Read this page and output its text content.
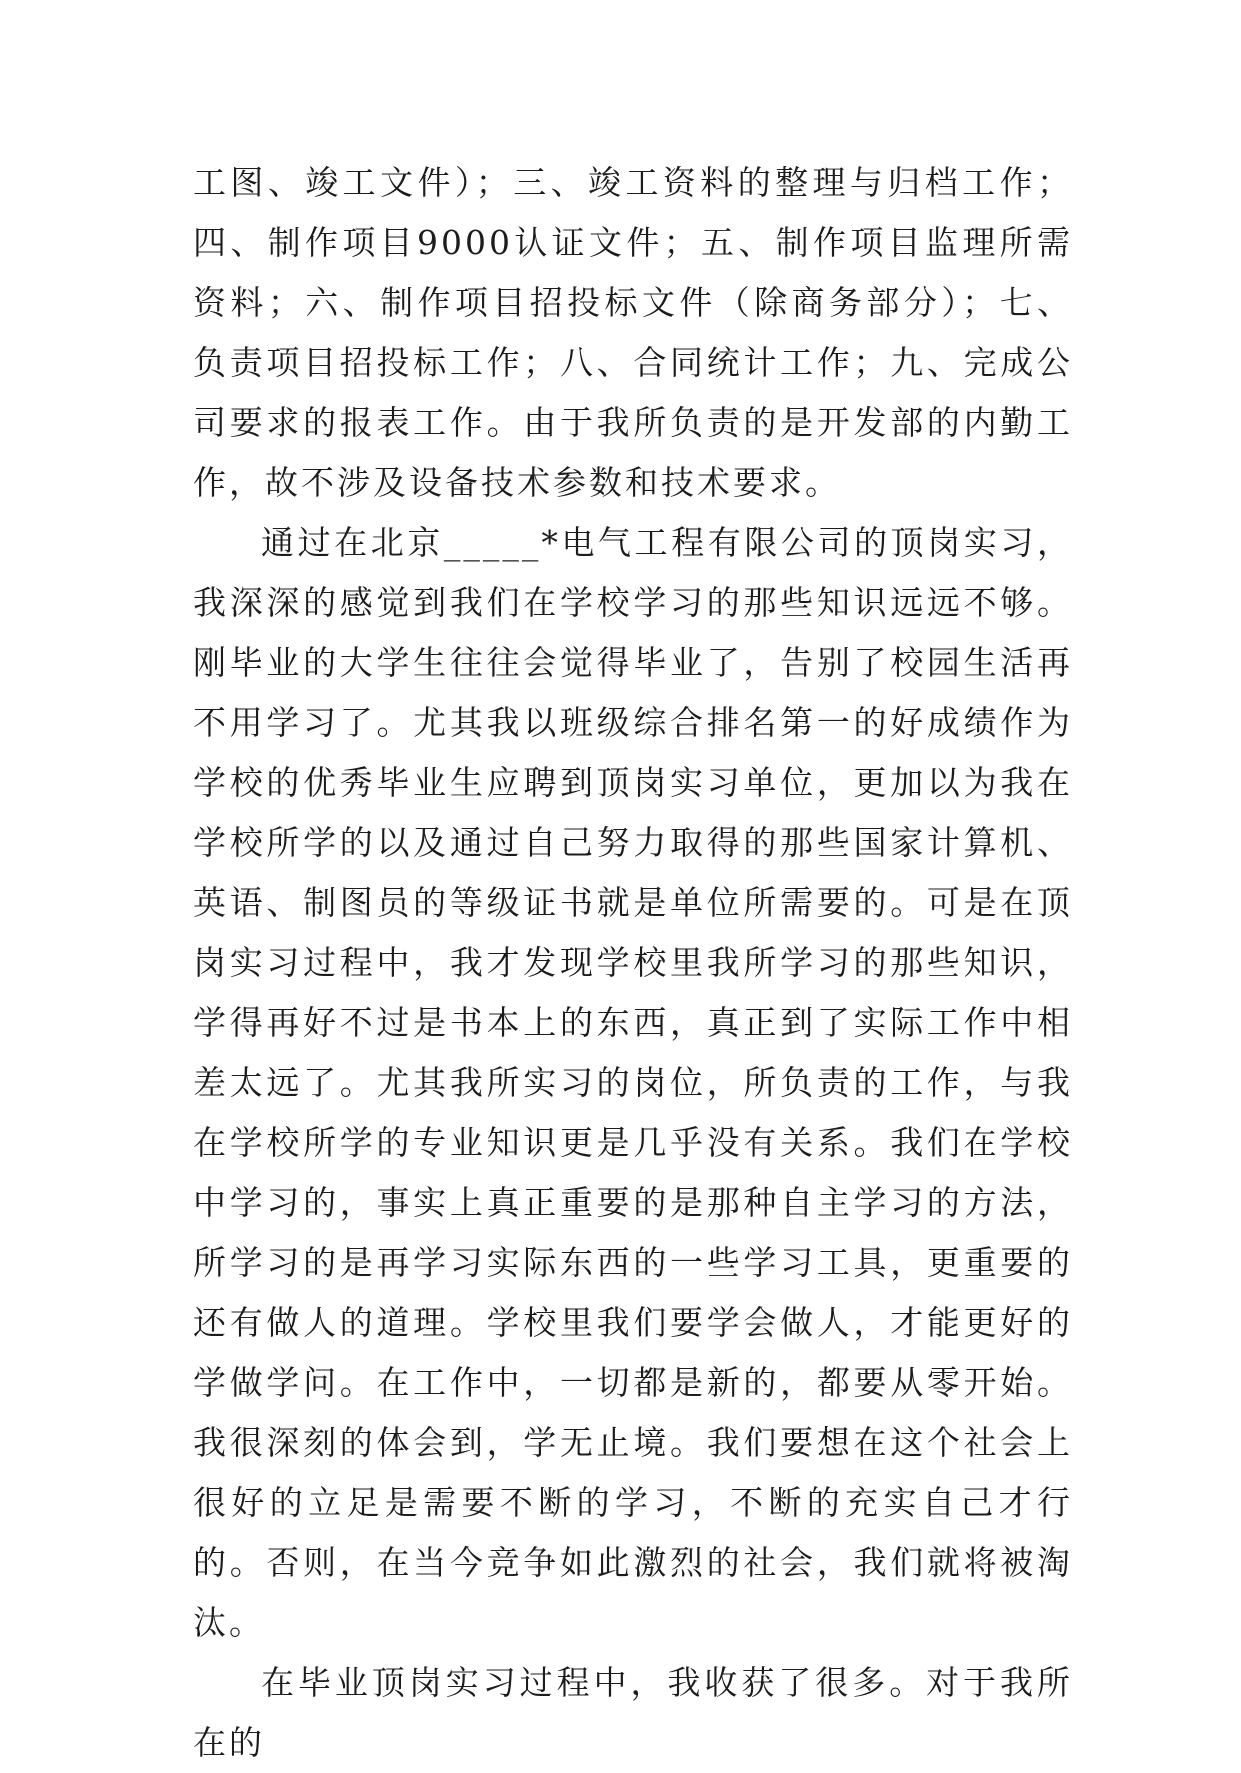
工图、竣工文件）；三、竣工资料的整理与归档工作；四、制作项目9000认证文件；五、制作项目监理所需资料；六、制作项目招投标文件（除商务部分）；七、负责项目招投标工作；八、合同统计工作；九、完成公司要求的报表工作。由于我所负责的是开发部的内勤工作，故不涉及设备技术参数和技术要求。

通过在北京_____*电气工程有限公司的顶岗实习，我深深的感觉到我们在学校学习的那些知识远远不够。刚毕业的大学生往往会觉得毕业了，告别了校园生活再不用学习了。尤其我以班级综合排名第一的好成绩作为学校的优秀毕业生应聘到顶岗实习单位，更加以为我在学校所学的以及通过自己努力取得的那些国家计算机、英语、制图员的等级证书就是单位所需要的。可是在顶岗实习过程中，我才发现学校里我所学习的那些知识，学得再好不过是书本上的东西，真正到了实际工作中相差太远了。尤其我所实习的岗位，所负责的工作，与我在学校所学的专业知识更是几乎没有关系。我们在学校中学习的，事实上真正重要的是那种自主学习的方法，所学习的是再学习实际东西的一些学习工具，更重要的还有做人的道理。学校里我们要学会做人，才能更好的学做学问。在工作中，一切都是新的，都要从零开始。我很深刻的体会到，学无止境。我们要想在这个社会上很好的立足是需要不断的学习，不断的充实自己才行的。否则，在当今竞争如此激烈的社会，我们就将被淘汰。

在毕业顶岗实习过程中，我收获了很多。对于我所在的
